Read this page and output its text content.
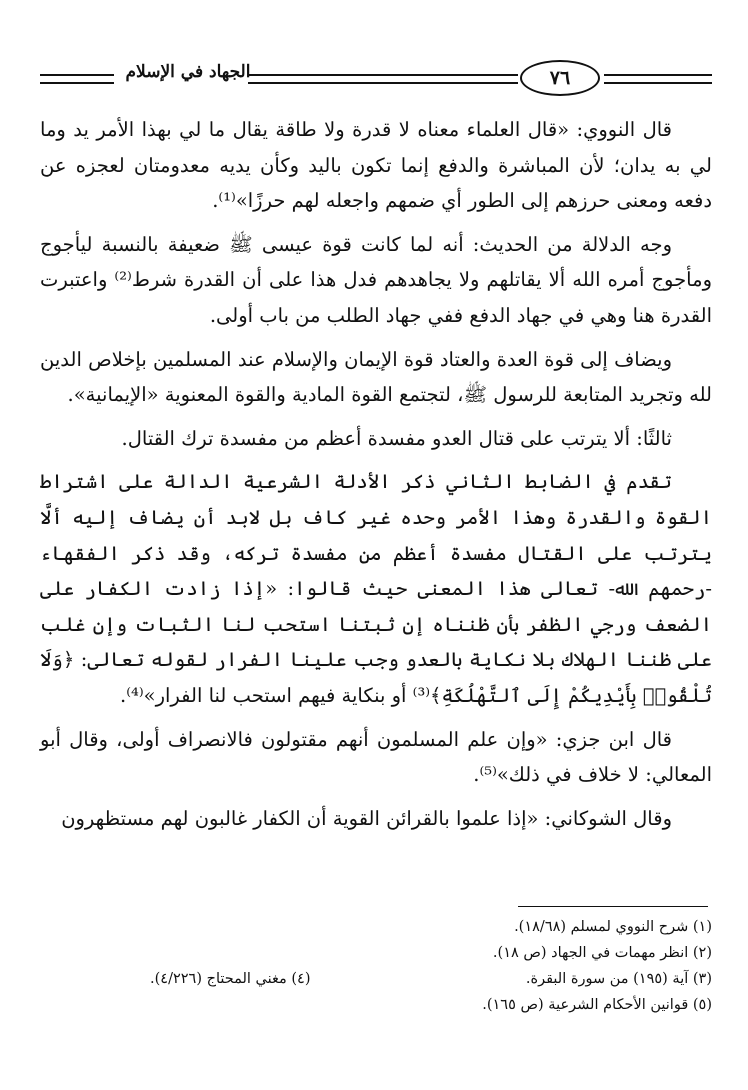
٧٦
الجهاد في الإسلام

قال النووي: «قال العلماء معناه لا قدرة ولا طاقة يقال ما لي بهذا الأمر يد وما لي به يدان؛ لأن المباشرة والدفع إنما تكون باليد وكأن يديه معدومتان لعجزه عن دفعه ومعنى حرزهم إلى الطور أي ضمهم واجعله لهم حرزًا»⁽¹⁾.

وجه الدلالة من الحديث: أنه لما كانت قوة عيسى ﷺ ضعيفة بالنسبة ليأجوج ومأجوج أمره الله ألا يقاتلهم ولا يجاهدهم فدل هذا على أن القدرة شرط⁽²⁾ واعتبرت القدرة هنا وهي في جهاد الدفع ففي جهاد الطلب من باب أولى.

ويضاف إلى قوة العدة والعتاد قوة الإيمان والإسلام عند المسلمين بإخلاص الدين لله وتجريد المتابعة للرسول ﷺ، لتجتمع القوة المادية والقوة المعنوية «الإيمانية».

ثالثًا: ألا يترتب على قتال العدو مفسدة أعظم من مفسدة ترك القتال.

تقدم في الضابط الثاني ذكر الأدلة الشرعية الدالة على اشتراط القوة والقدرة وهذا الأمر وحده غير كاف بل لابد أن يضاف إليه ألَّا يترتب على القتال مفسدة أعظم من مفسدة تركه، وقد ذكر الفقهاء -رحمهم الله- تعالى هذا المعنى حيث قالوا: «إذا زادت الكفار على الضعف ورجي الظفر بأن ظنناه إن ثبتنا استحب لنا الثبات وإن غلب على ظننا الهلاك بلا نكاية بالعدو وجب علينا الفرار لقوله تعالى: ﴿وَلَا تُلْقُوا۟ بِأَيْدِيكُمْ إِلَى ٱلتَّهْلُكَةِ﴾⁽³⁾ أو بنكاية فيهم استحب لنا الفرار»⁽⁴⁾.

قال ابن جزي: «وإن علم المسلمون أنهم مقتولون فالانصراف أولى، وقال أبو المعالي: لا خلاف في ذلك»⁽⁵⁾.

وقال الشوكاني: «إذا علموا بالقرائن القوية أن الكفار غالبون لهم مستظهرون

(١) شرح النووي لمسلم (١٨/٦٨).
(٢) انظر مهمات في الجهاد (ص ١٨).
(٣) آية (١٩٥) من سورة البقرة.
(٤) مغني المحتاج (٤/٢٢٦).
(٥) قوانين الأحكام الشرعية (ص ١٦٥).
